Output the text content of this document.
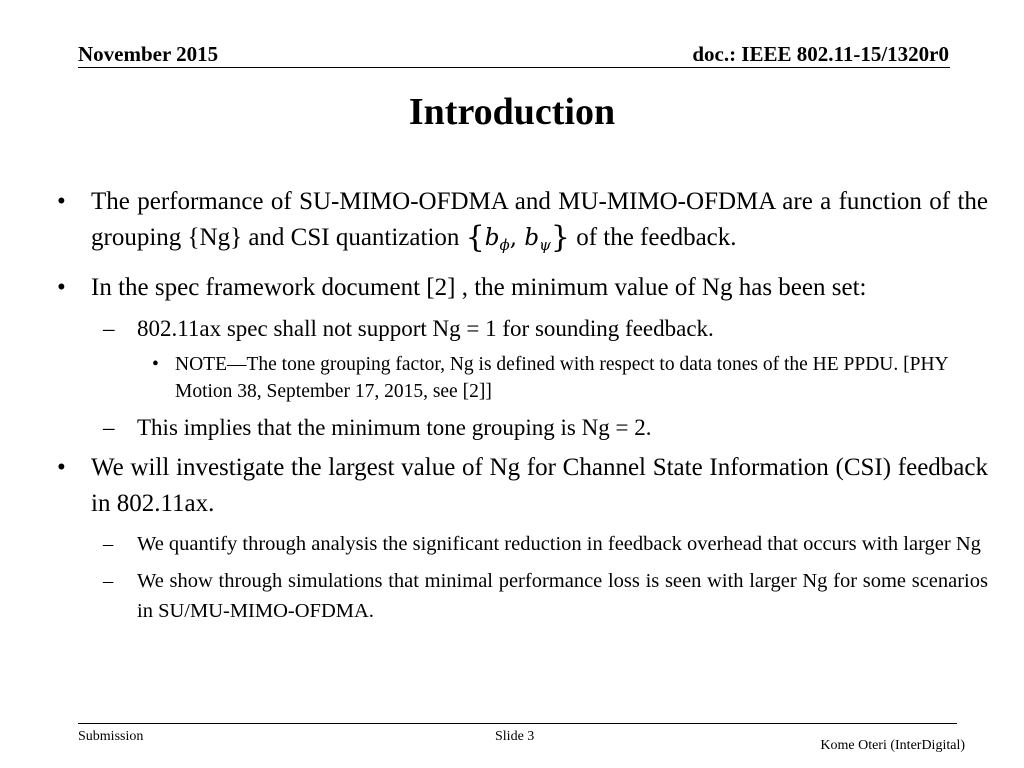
November 2015	doc.: IEEE 802.11-15/1320r0
Introduction
• The performance of SU-MIMO-OFDMA and MU-MIMO-OFDMA are a function of the grouping {Ng} and CSI quantization {$b_\phi$, $b_\psi$} of the feedback.
• In the spec framework document [2] , the minimum value of Ng has been set:
– 802.11ax spec shall not support Ng = 1 for sounding feedback.
• NOTE—The tone grouping factor, Ng is defined with respect to data tones of the HE PPDU. [PHY Motion 38, September 17, 2015, see [2]]
– This implies that the minimum tone grouping is Ng = 2.
• We will investigate the largest value of Ng for Channel State Information (CSI) feedback in 802.11ax.
– We quantify through analysis the significant reduction in feedback overhead that occurs with larger Ng
– We show through simulations that minimal performance loss is seen with larger Ng for some scenarios in SU/MU-MIMO-OFDMA.
Submission	Slide 3
Kome Oteri (InterDigital)
